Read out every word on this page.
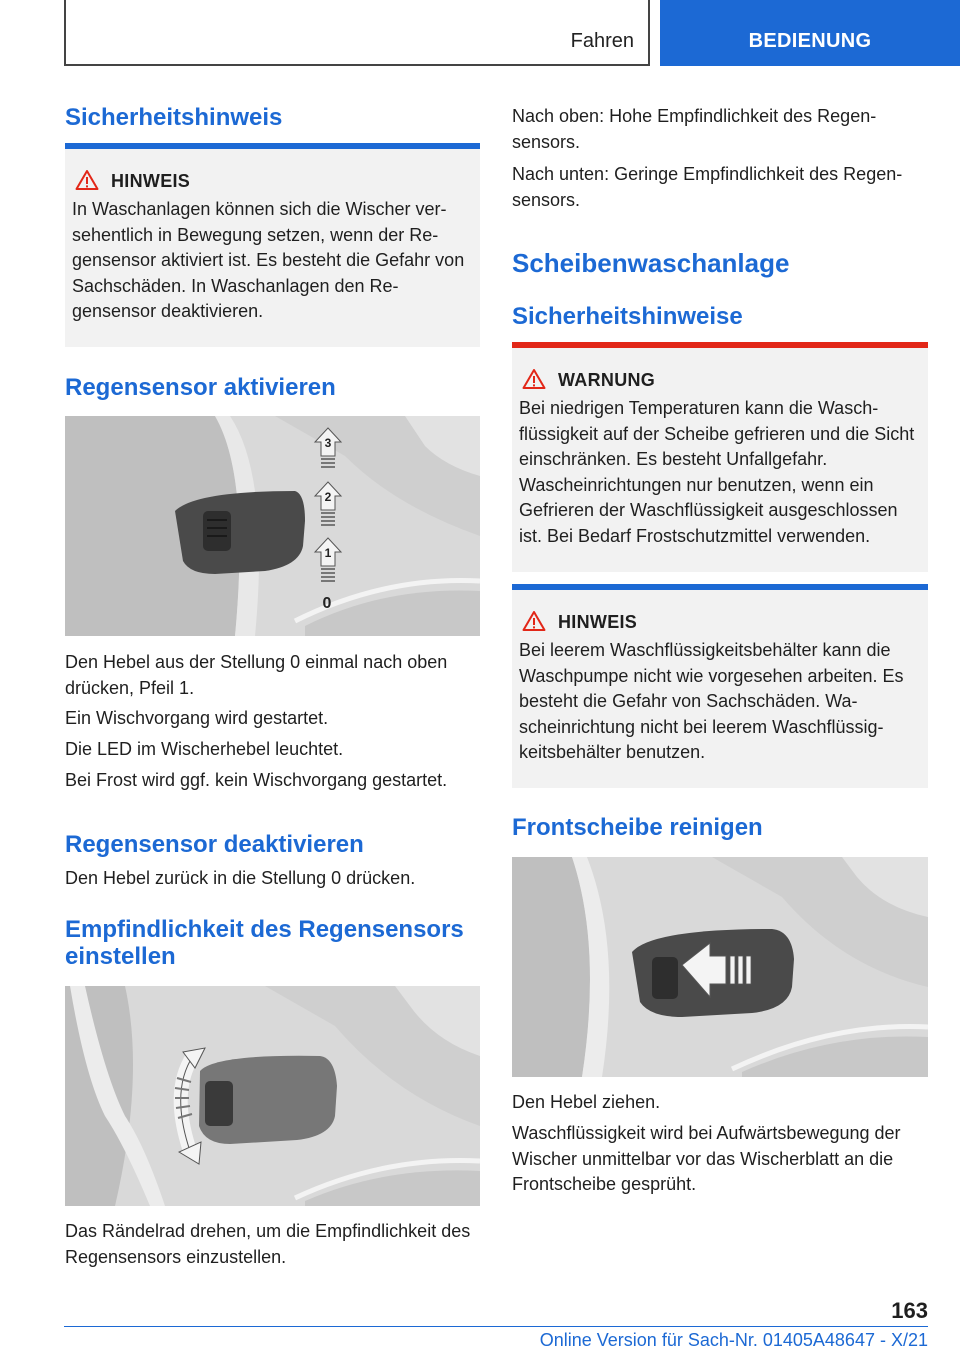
Fahren	BEDIENUNG
Sicherheitshinweis
HINWEIS
In Waschanlagen können sich die Wischer versehentlich in Bewegung setzen, wenn der Regensensor aktiviert ist. Es besteht die Gefahr von Sachschäden. In Waschanlagen den Regensensor deaktivieren.
Regensensor aktivieren
3
2
1
0
Den Hebel aus der Stellung 0 einmal nach oben drücken, Pfeil 1.
Ein Wischvorgang wird gestartet.
Die LED im Wischerhebel leuchtet.
Bei Frost wird ggf. kein Wischvorgang gestartet.
Regensensor deaktivieren
Den Hebel zurück in die Stellung 0 drücken.
Empfindlichkeit des Regensensors einstellen
Das Rändelrad drehen, um die Empfindlichkeit des Regensensors einzustellen.
Nach oben: Hohe Empfindlichkeit des Regensensors.
Nach unten: Geringe Empfindlichkeit des Regensensors.
Scheibenwaschanlage
Sicherheitshinweise
WARNUNG
Bei niedrigen Temperaturen kann die Waschflüssigkeit auf der Scheibe gefrieren und die Sicht einschränken. Es besteht Unfallgefahr. Wascheinrichtungen nur benutzen, wenn ein Gefrieren der Waschflüssigkeit ausgeschlossen ist. Bei Bedarf Frostschutzmittel verwenden.
HINWEIS
Bei leerem Waschflüssigkeitsbehälter kann die Waschpumpe nicht wie vorgesehen arbeiten. Es besteht die Gefahr von Sachschäden. Wascheinrichtung nicht bei leerem Waschflüssigkeitsbehälter benutzen.
Frontscheibe reinigen
Den Hebel ziehen.
Waschflüssigkeit wird bei Aufwärtsbewegung der Wischer unmittelbar vor das Wischerblatt an die Frontscheibe gesprüht.
163
Online Version für Sach-Nr. 01405A48647 - X/21
